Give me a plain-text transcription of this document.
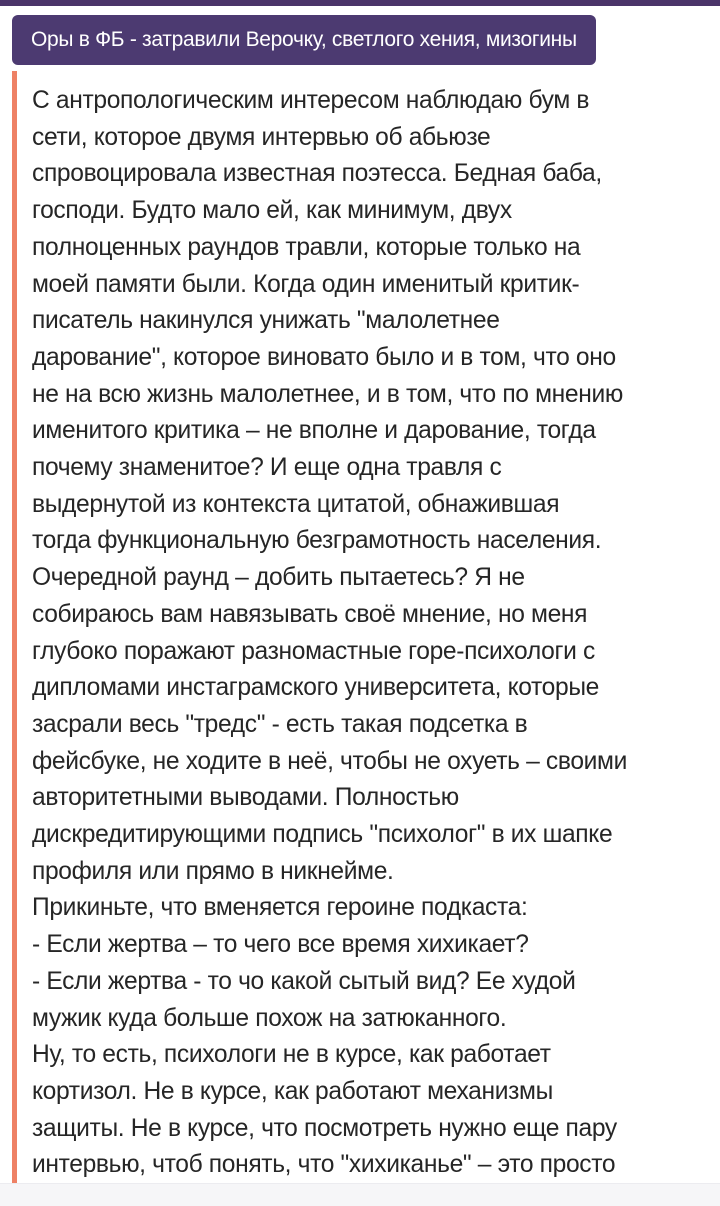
Оры в ФБ - затравили Верочку, светлого хения, мизогины
С антропологическим интересом наблюдаю бум в
сети, которое двумя интервью об абьюзе
спровоцировала известная поэтесса. Бедная баба,
господи. Будто мало ей, как минимум, двух
полноценных раундов травли, которые только на
моей памяти были. Когда один именитый критик-
писатель накинулся унижать "малолетнее
дарование", которое виновато было и в том, что оно
не на всю жизнь малолетнее, и в том, что по мнению
именитого критика – не вполне и дарование, тогда
почему знаменитое? И еще одна травля с
выдернутой из контекста цитатой, обнажившая
тогда функциональную безграмотность населения.
Очередной раунд – добить пытаетесь? Я не
собираюсь вам навязывать своё мнение, но меня
глубоко поражают разномастные горе-психологи с
дипломами инстаграмского университета, которые
засрали весь "тредс" - есть такая подсетка в
фейсбуке, не ходите в неё, чтобы не охуеть – своими
авторитетными выводами. Полностью
дискредитирующими подпись "психолог" в их шапке
профиля или прямо в никнейме.
Прикиньте, что вменяется героине подкаста:
- Если жертва – то чего все время хихикает?
- Если жертва - то чо какой сытый вид? Ее худой
мужик куда больше похож на затюканного.
Ну, то есть, психологи не в курсе, как работает
кортизол. Не в курсе, как работают механизмы
защиты. Не в курсе, что посмотреть нужно еще пару
интервью, чтоб понять, что "хихиканье" – это просто
